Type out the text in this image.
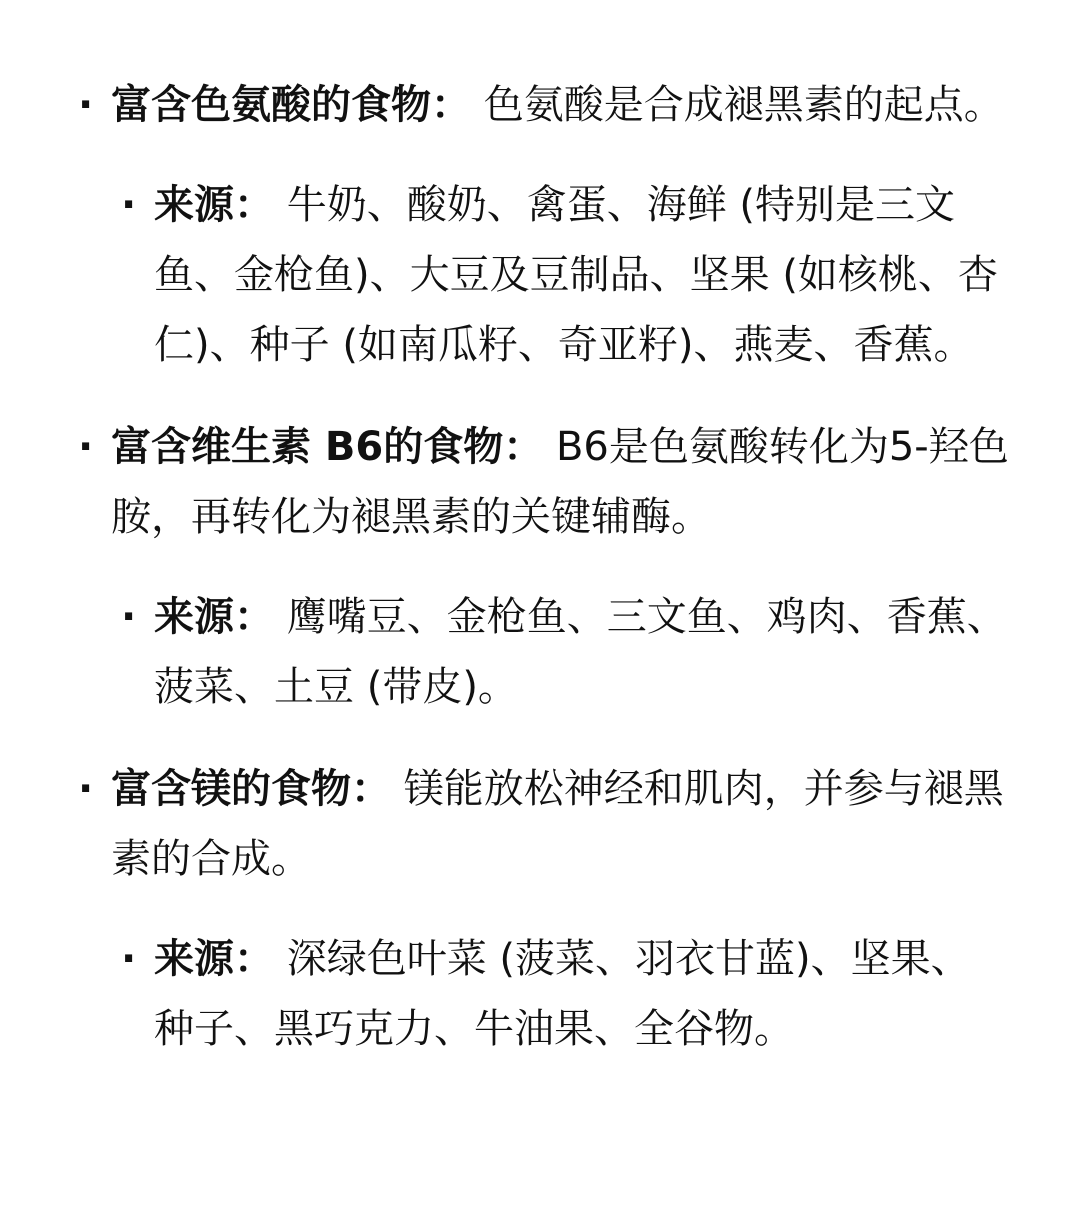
· 富含色氨酸的食物： 色氨酸是合成褪黑素的起点。
· 来源： 牛奶、酸奶、禽蛋、海鲜 (特别是三文鱼、金枪鱼)、大豆及豆制品、坚果 (如核桃、杏仁)、种子 (如南瓜籽、奇亚籽)、燕麦、香蕉。
· 富含维生素 B6的食物： B6是色氨酸转化为5-羟色胺，再转化为褪黑素的关键辅酶。
· 来源： 鹰嘴豆、金枪鱼、三文鱼、鸡肉、香蕉、菠菜、土豆 (带皮)。
· 富含镁的食物： 镁能放松神经和肌肉，并参与褪黑素的合成。
· 来源： 深绿色叶菜 (菠菜、羽衣甘蓝)、坚果、种子、黑巧克力、牛油果、全谷物。
